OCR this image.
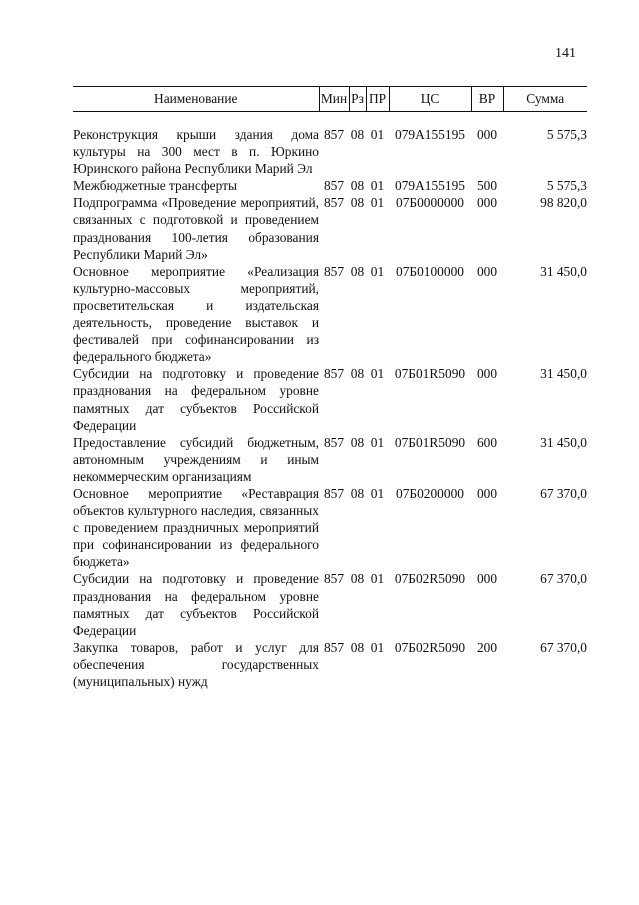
141
Наименование	Мин	Рз	ПР	ЦС	ВР	Сумма

Реконструкция крыши здания дома культуры на 300 мест в п. Юркино Юринского района Республики Марий Эл	857	08	01	079А155195	000	5 575,3
Межбюджетные трансферты	857	08	01	079А155195	500	5 575,3
Подпрограмма «Проведение мероприятий, связанных с подготовкой и проведением празднования 100-летия образования Республики Марий Эл»	857	08	01	07Б0000000	000	98 820,0
Основное мероприятие «Реализация культурно-массовых мероприятий, просветительская и издательская деятельность, проведение выставок и фестивалей при софинансировании из федерального бюджета»	857	08	01	07Б0100000	000	31 450,0
Субсидии на подготовку и проведение празднования на федеральном уровне памятных дат субъектов Российской Федерации	857	08	01	07Б01R5090	000	31 450,0
Предоставление субсидий бюджетным, автономным учреждениям и иным некоммерческим организациям	857	08	01	07Б01R5090	600	31 450,0
Основное мероприятие «Реставрация объектов культурного наследия, связанных с проведением праздничных мероприятий при софинансировании из федерального бюджета»	857	08	01	07Б0200000	000	67 370,0
Субсидии на подготовку и проведение празднования на федеральном уровне памятных дат субъектов Российской Федерации	857	08	01	07Б02R5090	000	67 370,0
Закупка товаров, работ и услуг для обеспечения государственных (муниципальных) нужд	857	08	01	07Б02R5090	200	67 370,0
